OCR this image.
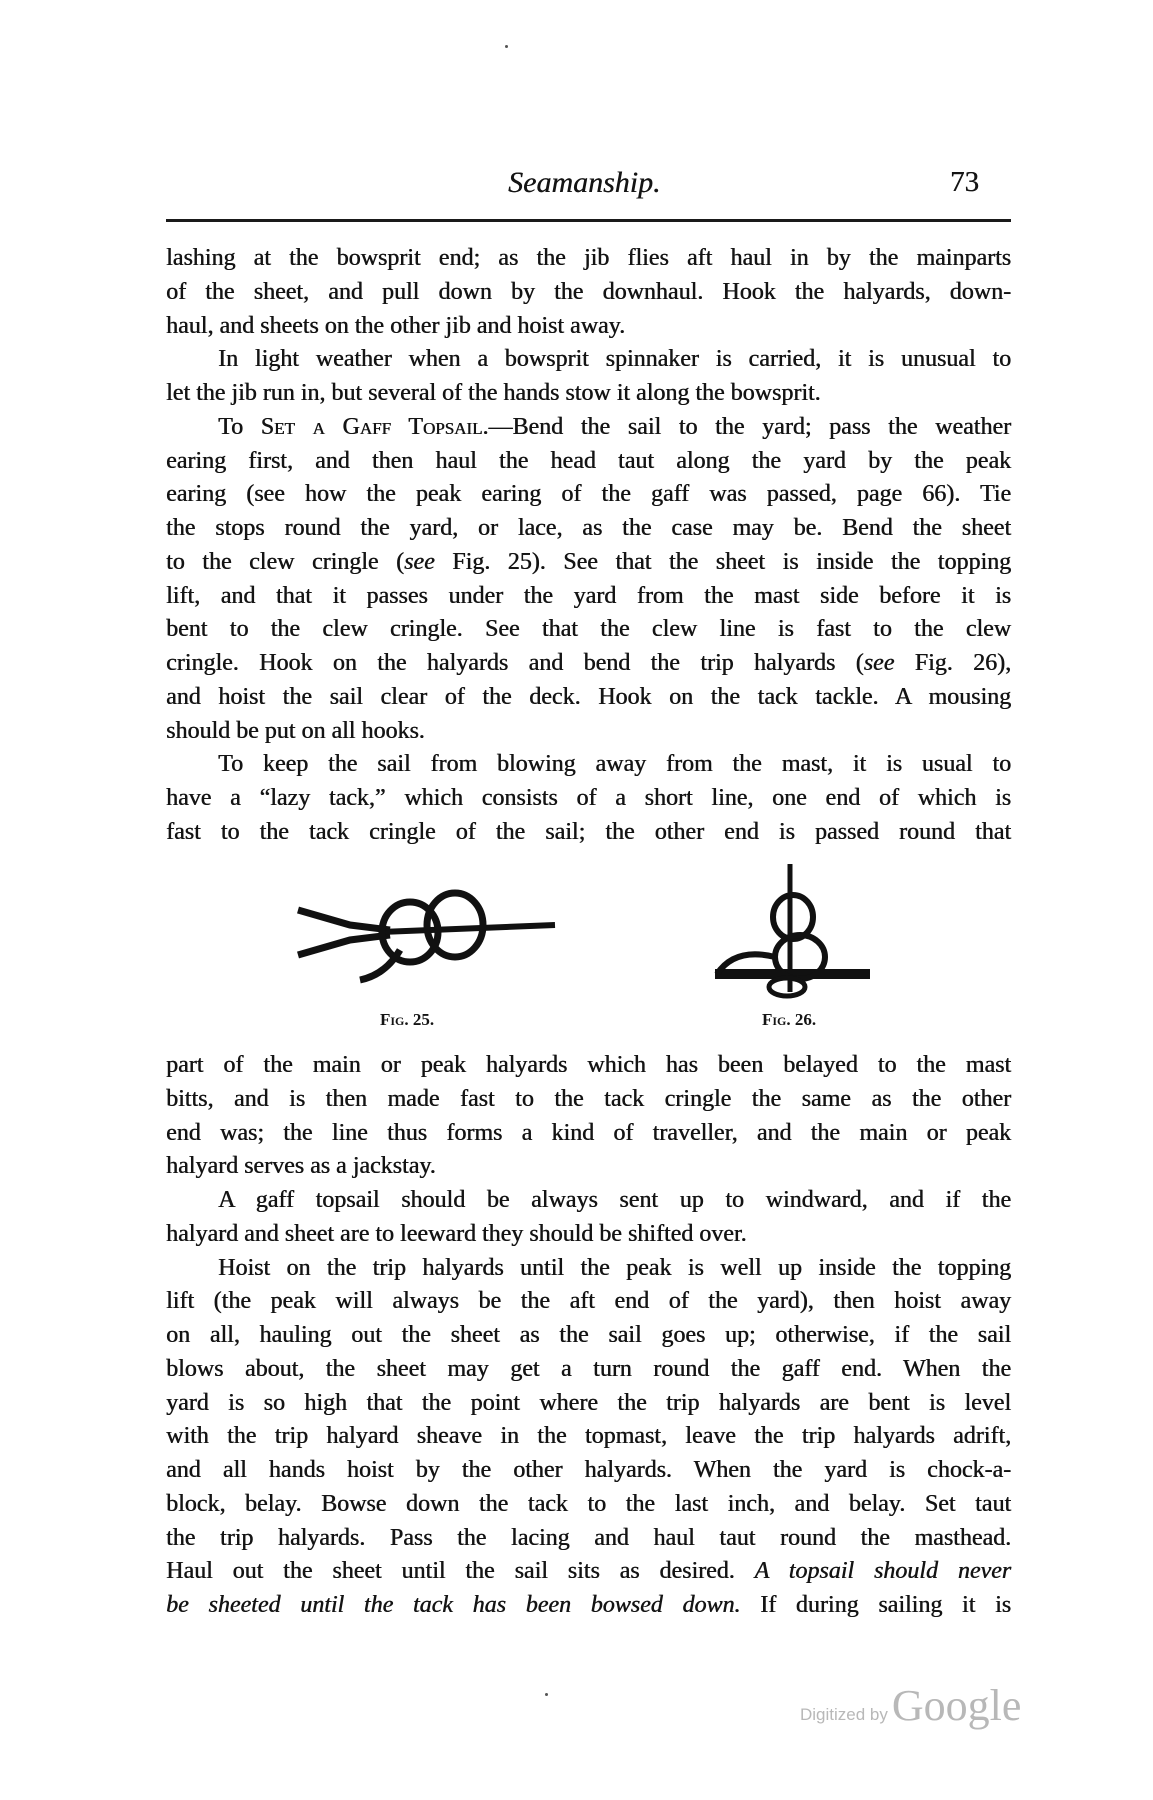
Seamanship.	73
lashing at the bowsprit end; as the jib flies aft haul in by the mainparts
of the sheet, and pull down by the downhaul. Hook the halyards, down-
haul, and sheets on the other jib and hoist away.
In light weather when a bowsprit spinnaker is carried, it is unusual to
let the jib run in, but several of the hands stow it along the bowsprit.
To Set a Gaff Topsail.—Bend the sail to the yard; pass the weather
earing first, and then haul the head taut along the yard by the peak
earing (see how the peak earing of the gaff was passed, page 66). Tie
the stops round the yard, or lace, as the case may be. Bend the sheet
to the clew cringle (see Fig. 25). See that the sheet is inside the topping
lift, and that it passes under the yard from the mast side before it is
bent to the clew cringle. See that the clew line is fast to the clew
cringle. Hook on the halyards and bend the trip halyards (see Fig. 26),
and hoist the sail clear of the deck. Hook on the tack tackle. A mousing
should be put on all hooks.
To keep the sail from blowing away from the mast, it is usual to
have a “lazy tack,” which consists of a short line, one end of which is
fast to the tack cringle of the sail; the other end is passed round that
Fig. 25.	Fig. 26.
part of the main or peak halyards which has been belayed to the mast
bitts, and is then made fast to the tack cringle the same as the other
end was; the line thus forms a kind of traveller, and the main or peak
halyard serves as a jackstay.
A gaff topsail should be always sent up to windward, and if the
halyard and sheet are to leeward they should be shifted over.
Hoist on the trip halyards until the peak is well up inside the topping
lift (the peak will always be the aft end of the yard), then hoist away
on all, hauling out the sheet as the sail goes up; otherwise, if the sail
blows about, the sheet may get a turn round the gaff end. When the
yard is so high that the point where the trip halyards are bent is level
with the trip halyard sheave in the topmast, leave the trip halyards adrift,
and all hands hoist by the other halyards. When the yard is chock-a-
block, belay. Bowse down the tack to the last inch, and belay. Set taut
the trip halyards. Pass the lacing and haul taut round the masthead.
Haul out the sheet until the sail sits as desired. A topsail should never
be sheeted until the tack has been bowsed down. If during sailing it is
Digitized by Google
